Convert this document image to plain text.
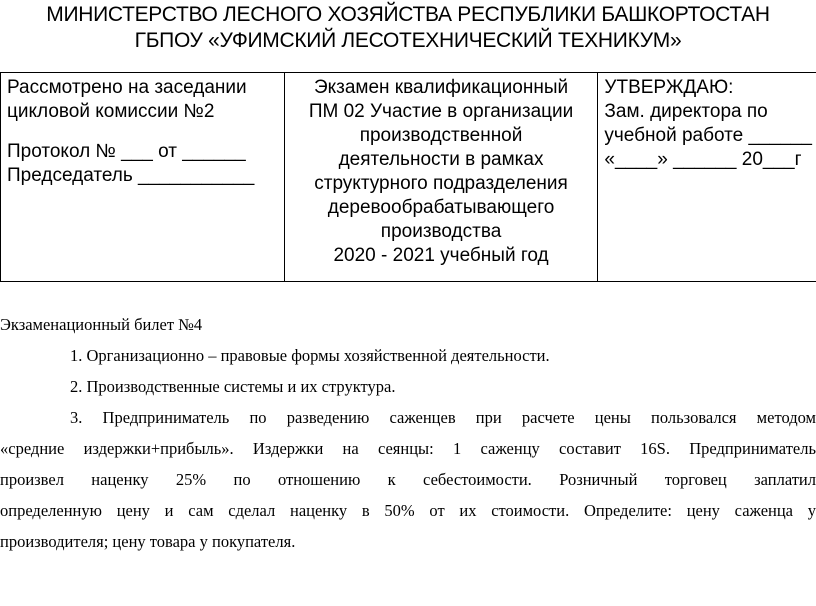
МИНИСТЕРСТВО ЛЕСНОГО ХОЗЯЙСТВА РЕСПУБЛИКИ БАШКОРТОСТАН
ГБПОУ «УФИМСКИЙ ЛЕСОТЕХНИЧЕСКИЙ ТЕХНИКУМ»
Рассмотрено на заседании
цикловой комиссии №2
Протокол № ___ от ______
Председатель ___________

Экзамен квалификационный
ПМ 02 Участие в организации
производственной
деятельности в рамках
структурного подразделения
деревообрабатывающего
производства
2020 - 2021 учебный год

УТВЕРЖДАЮ:
Зам. директора по
учебной работе ______
«____» ______ 20___г
Экзаменационный билет №4
1. Организационно – правовые формы хозяйственной деятельности.
2. Производственные системы и их структура.
3. Предприниматель по разведению саженцев при расчете цены пользовался методом
«средние издержки+прибыль». Издержки на сеянцы: 1 саженцу составит 16S. Предприниматель
произвел наценку 25% по отношению к себестоимости. Розничный торговец заплатил
определенную цену и сам сделал наценку в 50% от их стоимости. Определите: цену саженца у
производителя; цену товара у покупателя.
